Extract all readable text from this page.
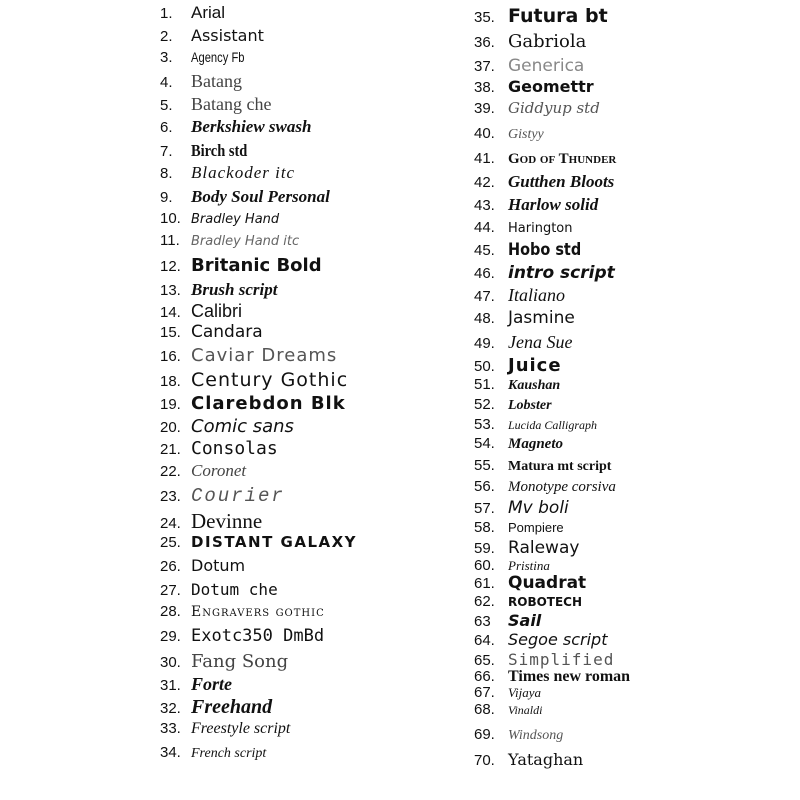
1.	Arial
2.	Assistant
3.	Agency Fb
4.	Batang
5.	Batang che
6.	Berkshiew swash
7.	Birch std
8.	Blackoder itc
9.	Body Soul Personal
10. Bradley Hand
11. Bradley Hand itc
12. Britanic Bold
13. Brush script
14. Calibri
15. Candara
16. Caviar Dreams
18. Century Gothic
19. Clarebdon Blk
20. Comic sans
21. Consolas
22. Coronet
23. Courier
24. Devinne
25. DISTANT GALAXY
26. Dotum
27. Dotum che
28. Engravers gothic
29. Exotc350 DmBd
30. Fang Song
31. Forte
32. Freehand
33. Freestyle script
34. French script
35. Futura bt
36. Gabriola
37. Generica
38. Geomettr
39. Giddyup std
40. Gistyy
41. God of Thunder
42. Gutthen Bloots
43. Harlow solid
44.	Harington
45. Hobo std
46. intro script
47. Italiano
48. Jasmine
49. Jena Sue
50. Juice
51. Kaushan
52. Lobster
53.	Lucida Calligraph
54. Magneto
55. Matura mt script
56. Monotype corsiva
57. Mv boli
58.	Pompiere
59. Raleway
60.	Pristina
61. Quadrat
62.	ROBOTECH
63	Sail
64. Segoe script
65. Simplified
66. Times new roman
67.	Vijaya
68.	Vinaldi
69. Windsong
70. Yataghan
